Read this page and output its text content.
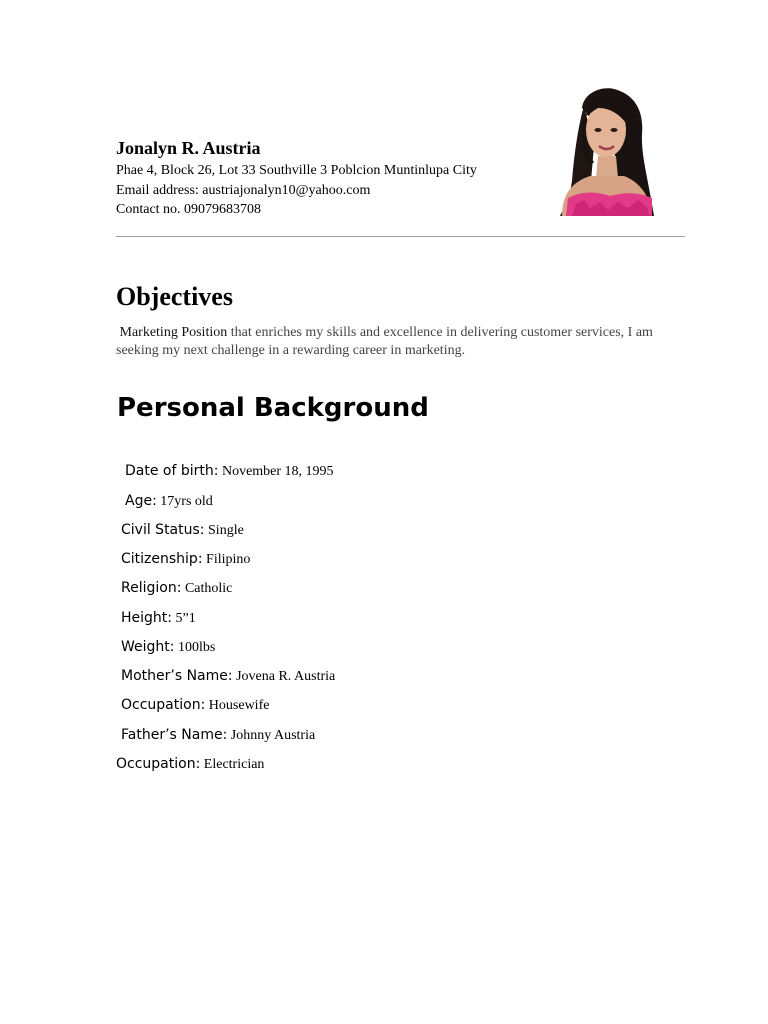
Jonalyn R. Austria
Phae 4, Block 26, Lot 33 Southville 3 Poblcion Muntinlupa City
Email address: austriajonalyn10@yahoo.com
Contact no. 09079683708
Objectives
Marketing Position that enriches my skills and excellence in delivering customer services, I am seeking my next challenge in a rewarding career in marketing.
Personal Background
Date of birth: November 18, 1995
Age: 17yrs old
Civil Status: Single
Citizenship: Filipino
Religion: Catholic
Height: 5”1
Weight: 100lbs
Mother’s Name: Jovena R. Austria
Occupation: Housewife
Father’s Name: Johnny Austria
Occupation: Electrician
